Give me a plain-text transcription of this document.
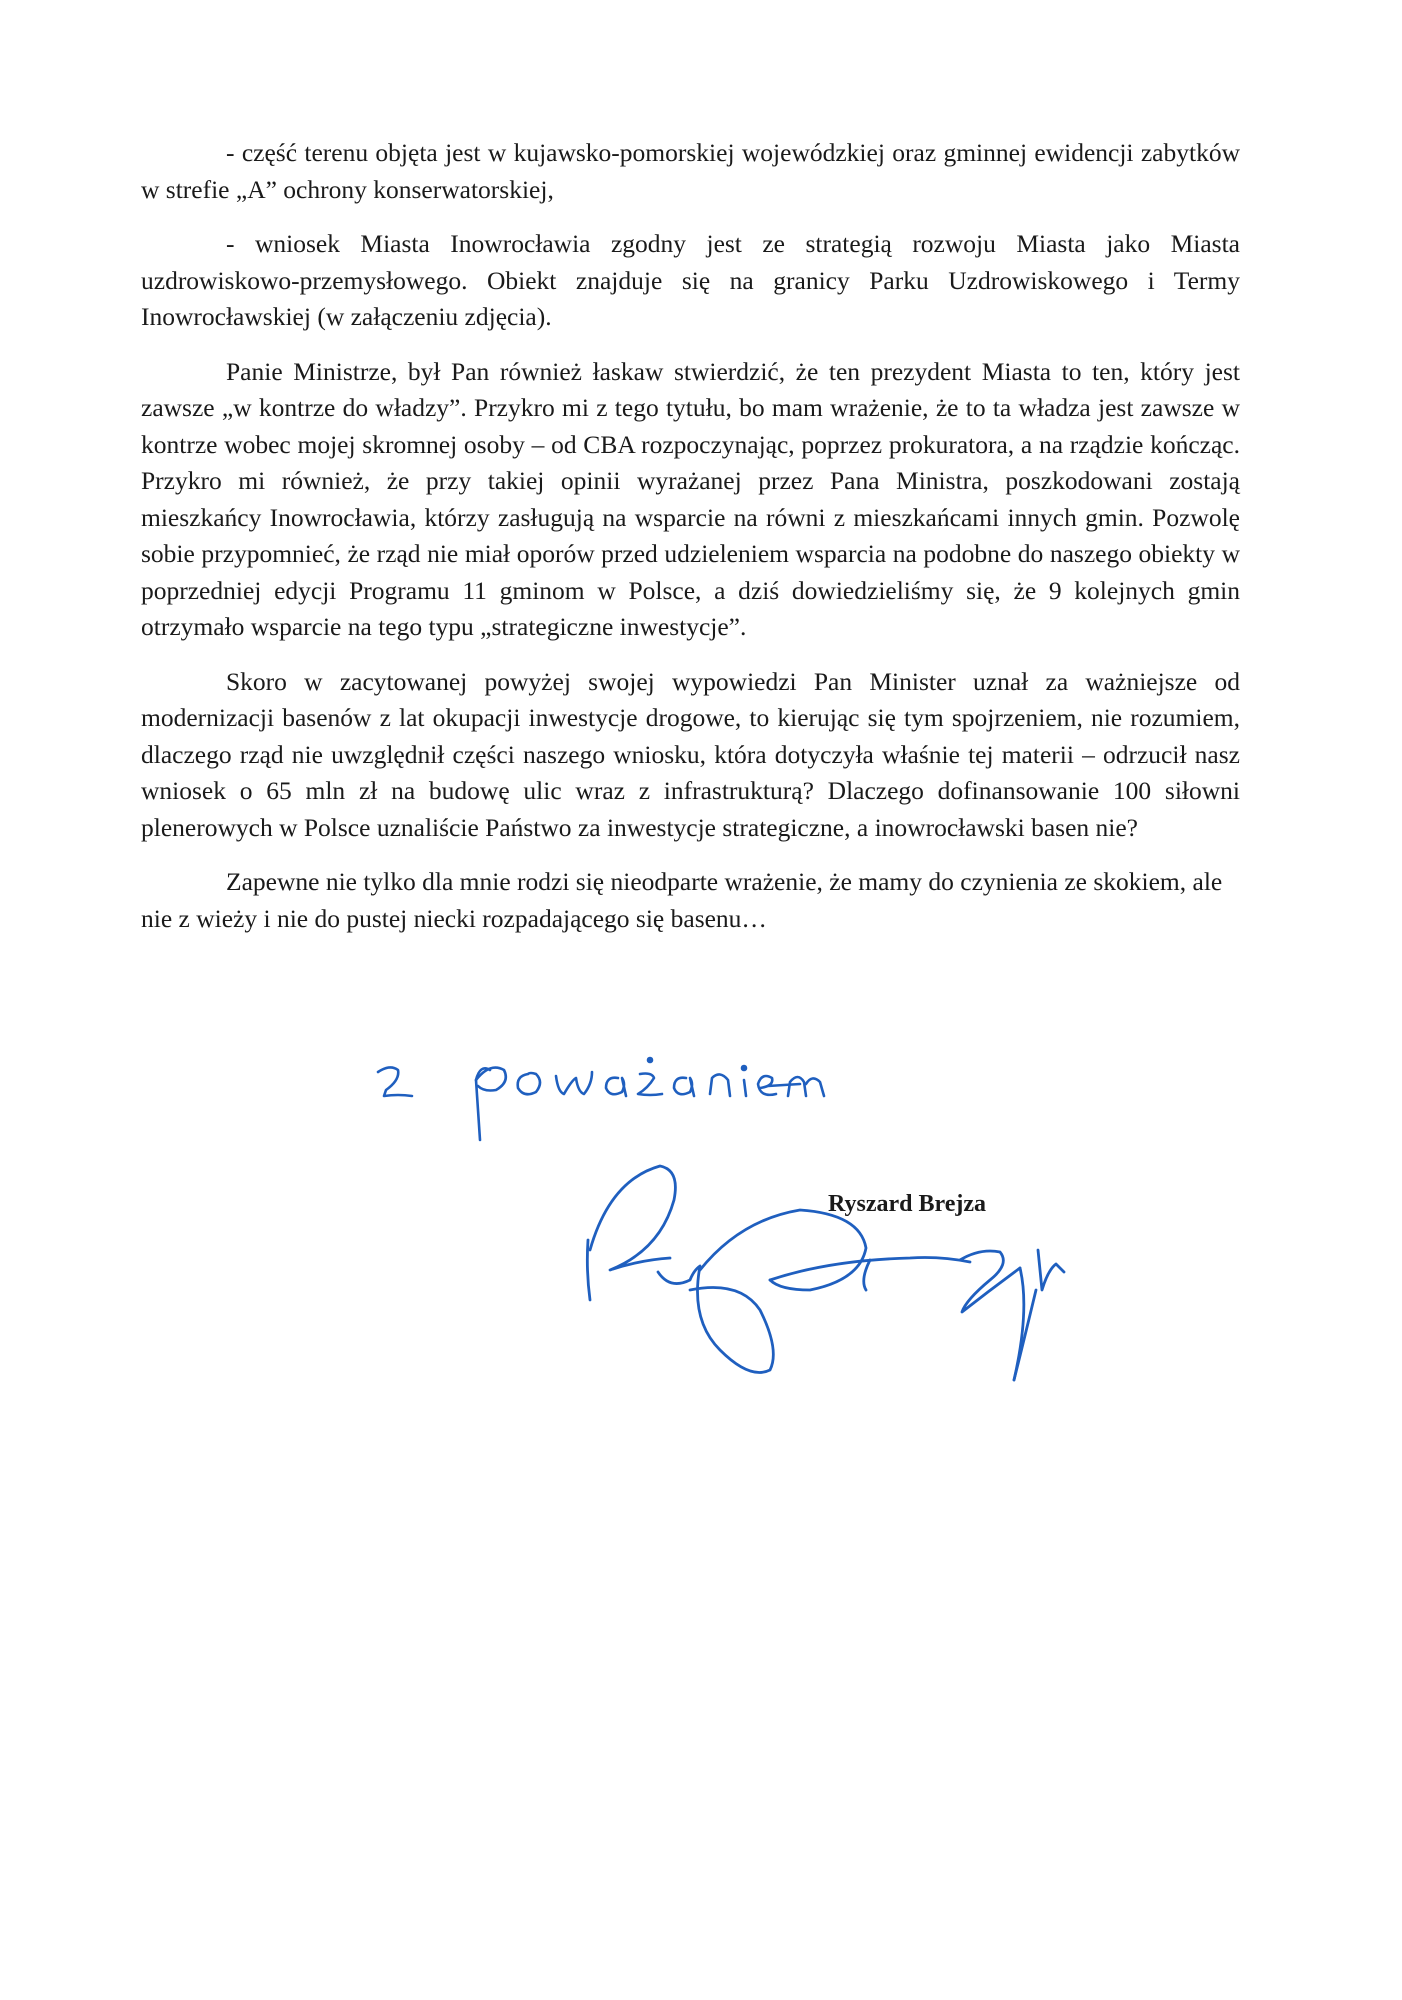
- część terenu objęta jest w kujawsko-pomorskiej wojewódzkiej oraz gminnej ewidencji zabytków w strefie „A” ochrony konserwatorskiej,

- wniosek Miasta Inowrocławia zgodny jest ze strategią rozwoju Miasta jako Miasta uzdrowiskowo-przemysłowego. Obiekt znajduje się na granicy Parku Uzdrowiskowego i Termy Inowrocławskiej (w załączeniu zdjęcia).

Panie Ministrze, był Pan również łaskaw stwierdzić, że ten prezydent Miasta to ten, który jest zawsze „w kontrze do władzy”. Przykro mi z tego tytułu, bo mam wrażenie, że to ta władza jest zawsze w kontrze wobec mojej skromnej osoby – od CBA rozpoczynając, poprzez prokuratora, a na rządzie kończąc. Przykro mi również, że przy takiej opinii wyrażanej przez Pana Ministra, poszkodowani zostają mieszkańcy Inowrocławia, którzy zasługują na wsparcie na równi z mieszkańcami innych gmin. Pozwolę sobie przypomnieć, że rząd nie miał oporów przed udzieleniem wsparcia na podobne do naszego obiekty w poprzedniej edycji Programu 11 gminom w Polsce, a dziś dowiedzieliśmy się, że 9 kolejnych gmin otrzymało wsparcie na tego typu „strategiczne inwestycje”.

Skoro w zacytowanej powyżej swojej wypowiedzi Pan Minister uznał za ważniejsze od modernizacji basenów z lat okupacji inwestycje drogowe, to kierując się tym spojrzeniem, nie rozumiem, dlaczego rząd nie uwzględnił części naszego wniosku, która dotyczyła właśnie tej materii – odrzucił nasz wniosek o 65 mln zł na budowę ulic wraz z infrastrukturą? Dlaczego dofinansowanie 100 siłowni plenerowych w Polsce uznaliście Państwo za inwestycje strategiczne, a inowrocławski basen nie?

Zapewne nie tylko dla mnie rodzi się nieodparte wrażenie, że mamy do czynienia ze skokiem, ale nie z wieży i nie do pustej niecki rozpadającego się basenu…

Ryszard Brejza
